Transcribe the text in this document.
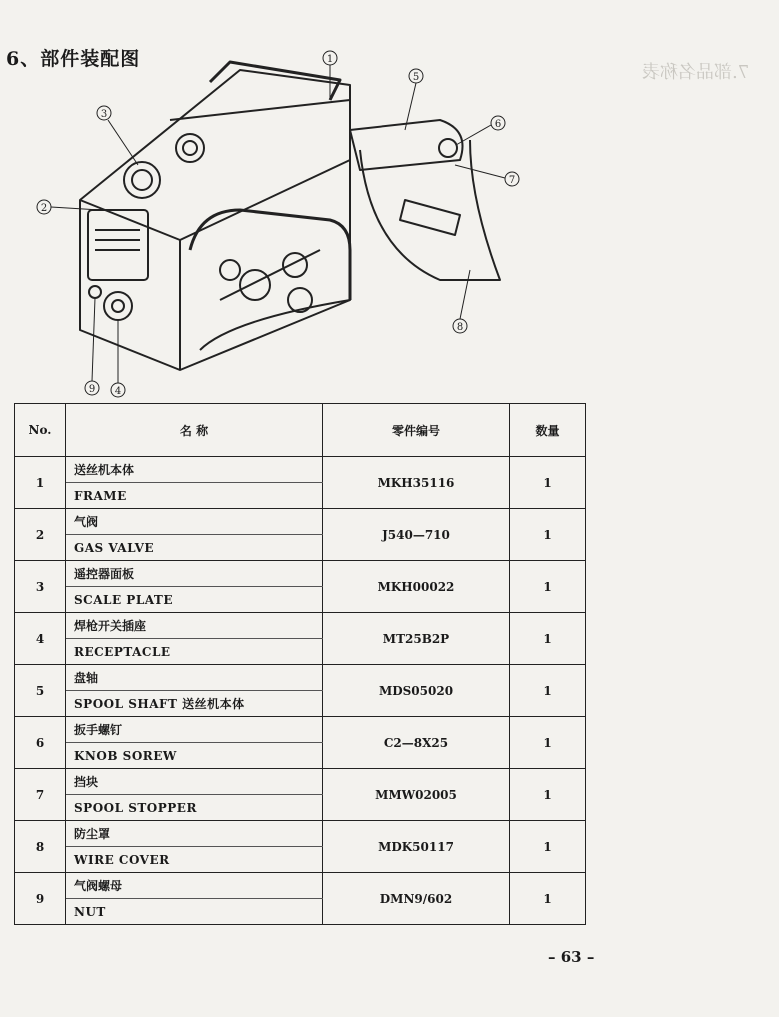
7.部品名称表
6、部件装配图	1
5
3
6
7
2
8
9 4
No.	名 称	零件编号	数量
1	送丝机本体	MKH35116	1
	FRAME		
2	气阀	J540—710	1
	GAS VALVE		
3	遥控器面板	MKH00022	1
	SCALE PLATE		
4	焊枪开关插座	MT25B2P	1
	RECEPTACLE		
5	盘轴	MDS05020	1
	SPOOL SHAFT 送丝机本体		
6	扳手螺钉	C2—8X25	1
	KNOB SOREW		
7	挡块	MMW02005	1
	SPOOL STOPPER		
8	防尘罩	MDK50117	1
	WIRE COVER		
9	气阀螺母	DMN9/602	1
	NUT		
– 63 –
